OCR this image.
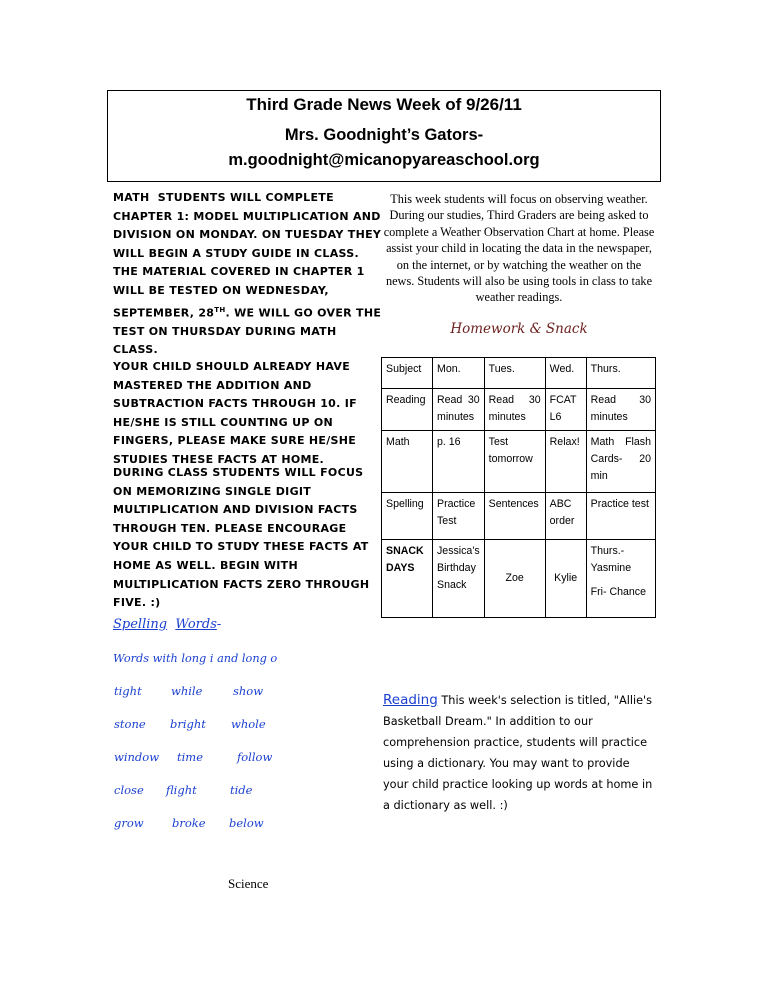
Third Grade News Week of 9/26/11
Mrs. Goodnight’s Gators-
m.goodnight@micanopyareaschool.org
MATH STUDENTS WILL COMPLETE CHAPTER 1: MODEL MULTIPLICATION AND DIVISION ON MONDAY. ON TUESDAY THEY WILL BEGIN A STUDY GUIDE IN CLASS. THE MATERIAL COVERED IN CHAPTER 1 WILL BE TESTED ON WEDNESDAY, SEPTEMBER, 28TH. WE WILL GO OVER THE TEST ON THURSDAY DURING MATH CLASS.
YOUR CHILD SHOULD ALREADY HAVE MASTERED THE ADDITION AND SUBTRACTION FACTS THROUGH 10. IF HE/SHE IS STILL COUNTING UP ON FINGERS, PLEASE MAKE SURE HE/SHE STUDIES THESE FACTS AT HOME.
DURING CLASS STUDENTS WILL FOCUS ON MEMORIZING SINGLE DIGIT MULTIPLICATION AND DIVISION FACTS THROUGH TEN. PLEASE ENCOURAGE YOUR CHILD TO STUDY THESE FACTS AT HOME AS WELL. BEGIN WITH MULTIPLICATION FACTS ZERO THROUGH FIVE. :)
This week students will focus on observing weather. During our studies, Third Graders are being asked to complete a Weather Observation Chart at home. Please assist your child in locating the data in the newspaper, on the internet, or by watching the weather on the news. Students will also be using tools in class to take weather readings.
Homework & Snack
Subject	Mon.	Tues.	Wed.	Thurs.
Reading	Read 30 minutes	Read 30 minutes	FCAT L6	Read 30 minutes
Math	p. 16	Test tomorrow	Relax!	Math Flash Cards- 20 min
Spelling	Practice Test	Sentences	ABC order	Practice test
SNACK DAYS	Jessica's Birthday Snack	Zoe	Kylie	Thurs.- Yasmine
Fri- Chance
Reading This week's selection is titled, "Allie's Basketball Dream." In addition to our comprehension practice, students will practice using a dictionary. You may want to provide your child practice looking up words at home in a dictionary as well. :)
Spelling Words-
Words with long i and long o
tight	while	show
stone bright whole
window time	follow
close flight	tide
grow broke below
Science
